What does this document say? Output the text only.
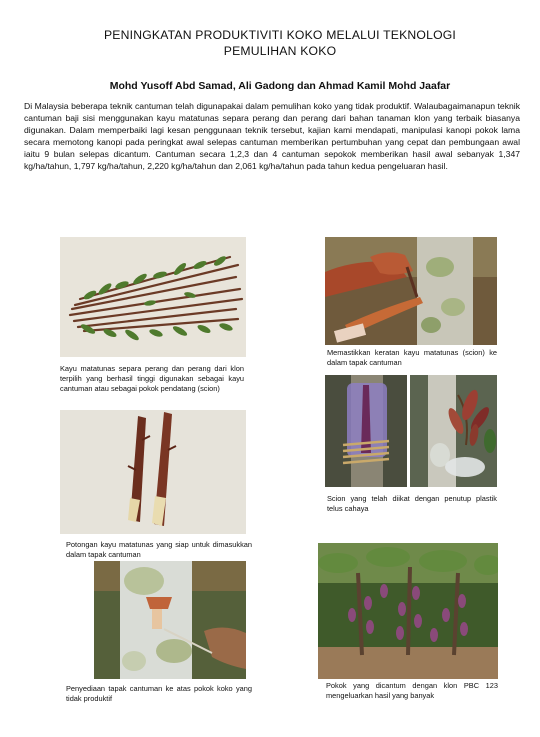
PENINGKATAN PRODUKTIVITI KOKO MELALUI TEKNOLOGI
PEMULIHAN KOKO
Mohd Yusoff Abd Samad, Ali Gadong dan Ahmad Kamil Mohd Jaafar

Di Malaysia beberapa teknik cantuman telah digunapakai dalam pemulihan koko yang tidak produktif. Walaubagaimanapun teknik cantuman baji sisi menggunakan kayu matatunas separa perang dan perang dari bahan tanaman klon yang terbaik biasanya digunakan. Dalam memperbaiki lagi kesan penggunaan teknik tersebut, kajian kami mendapati, manipulasi kanopi pokok lama secara memotong kanopi pada peringkat awal selepas cantuman memberikan pertumbuhan yang cepat dan pembungaan awal iaitu 9 bulan selepas dicantum. Cantuman secara 1,2,3 dan 4 cantuman sepokok memberikan hasil awal sebanyak 1,347 kg/ha/tahun, 1,797 kg/ha/tahun, 2,220 kg/ha/tahun dan 2,061 kg/ha/tahun pada tahun kedua pengeluaran hasil.

Kayu matatunas separa perang dan perang dari klon terpilih yang berhasil tinggi digunakan sebagai kayu cantuman atau sebagai pokok pendatang (scion)

Memastikkan keratan kayu matatunas (scion) ke dalam tapak cantuman

Scion yang telah diikat dengan penutup plastik telus cahaya

Potongan kayu matatunas yang siap untuk dimasukkan dalam tapak cantuman

Penyediaan tapak cantuman ke atas pokok koko yang tidak produktif

Pokok yang dicantum dengan klon PBC 123 mengeluarkan hasil yang banyak
